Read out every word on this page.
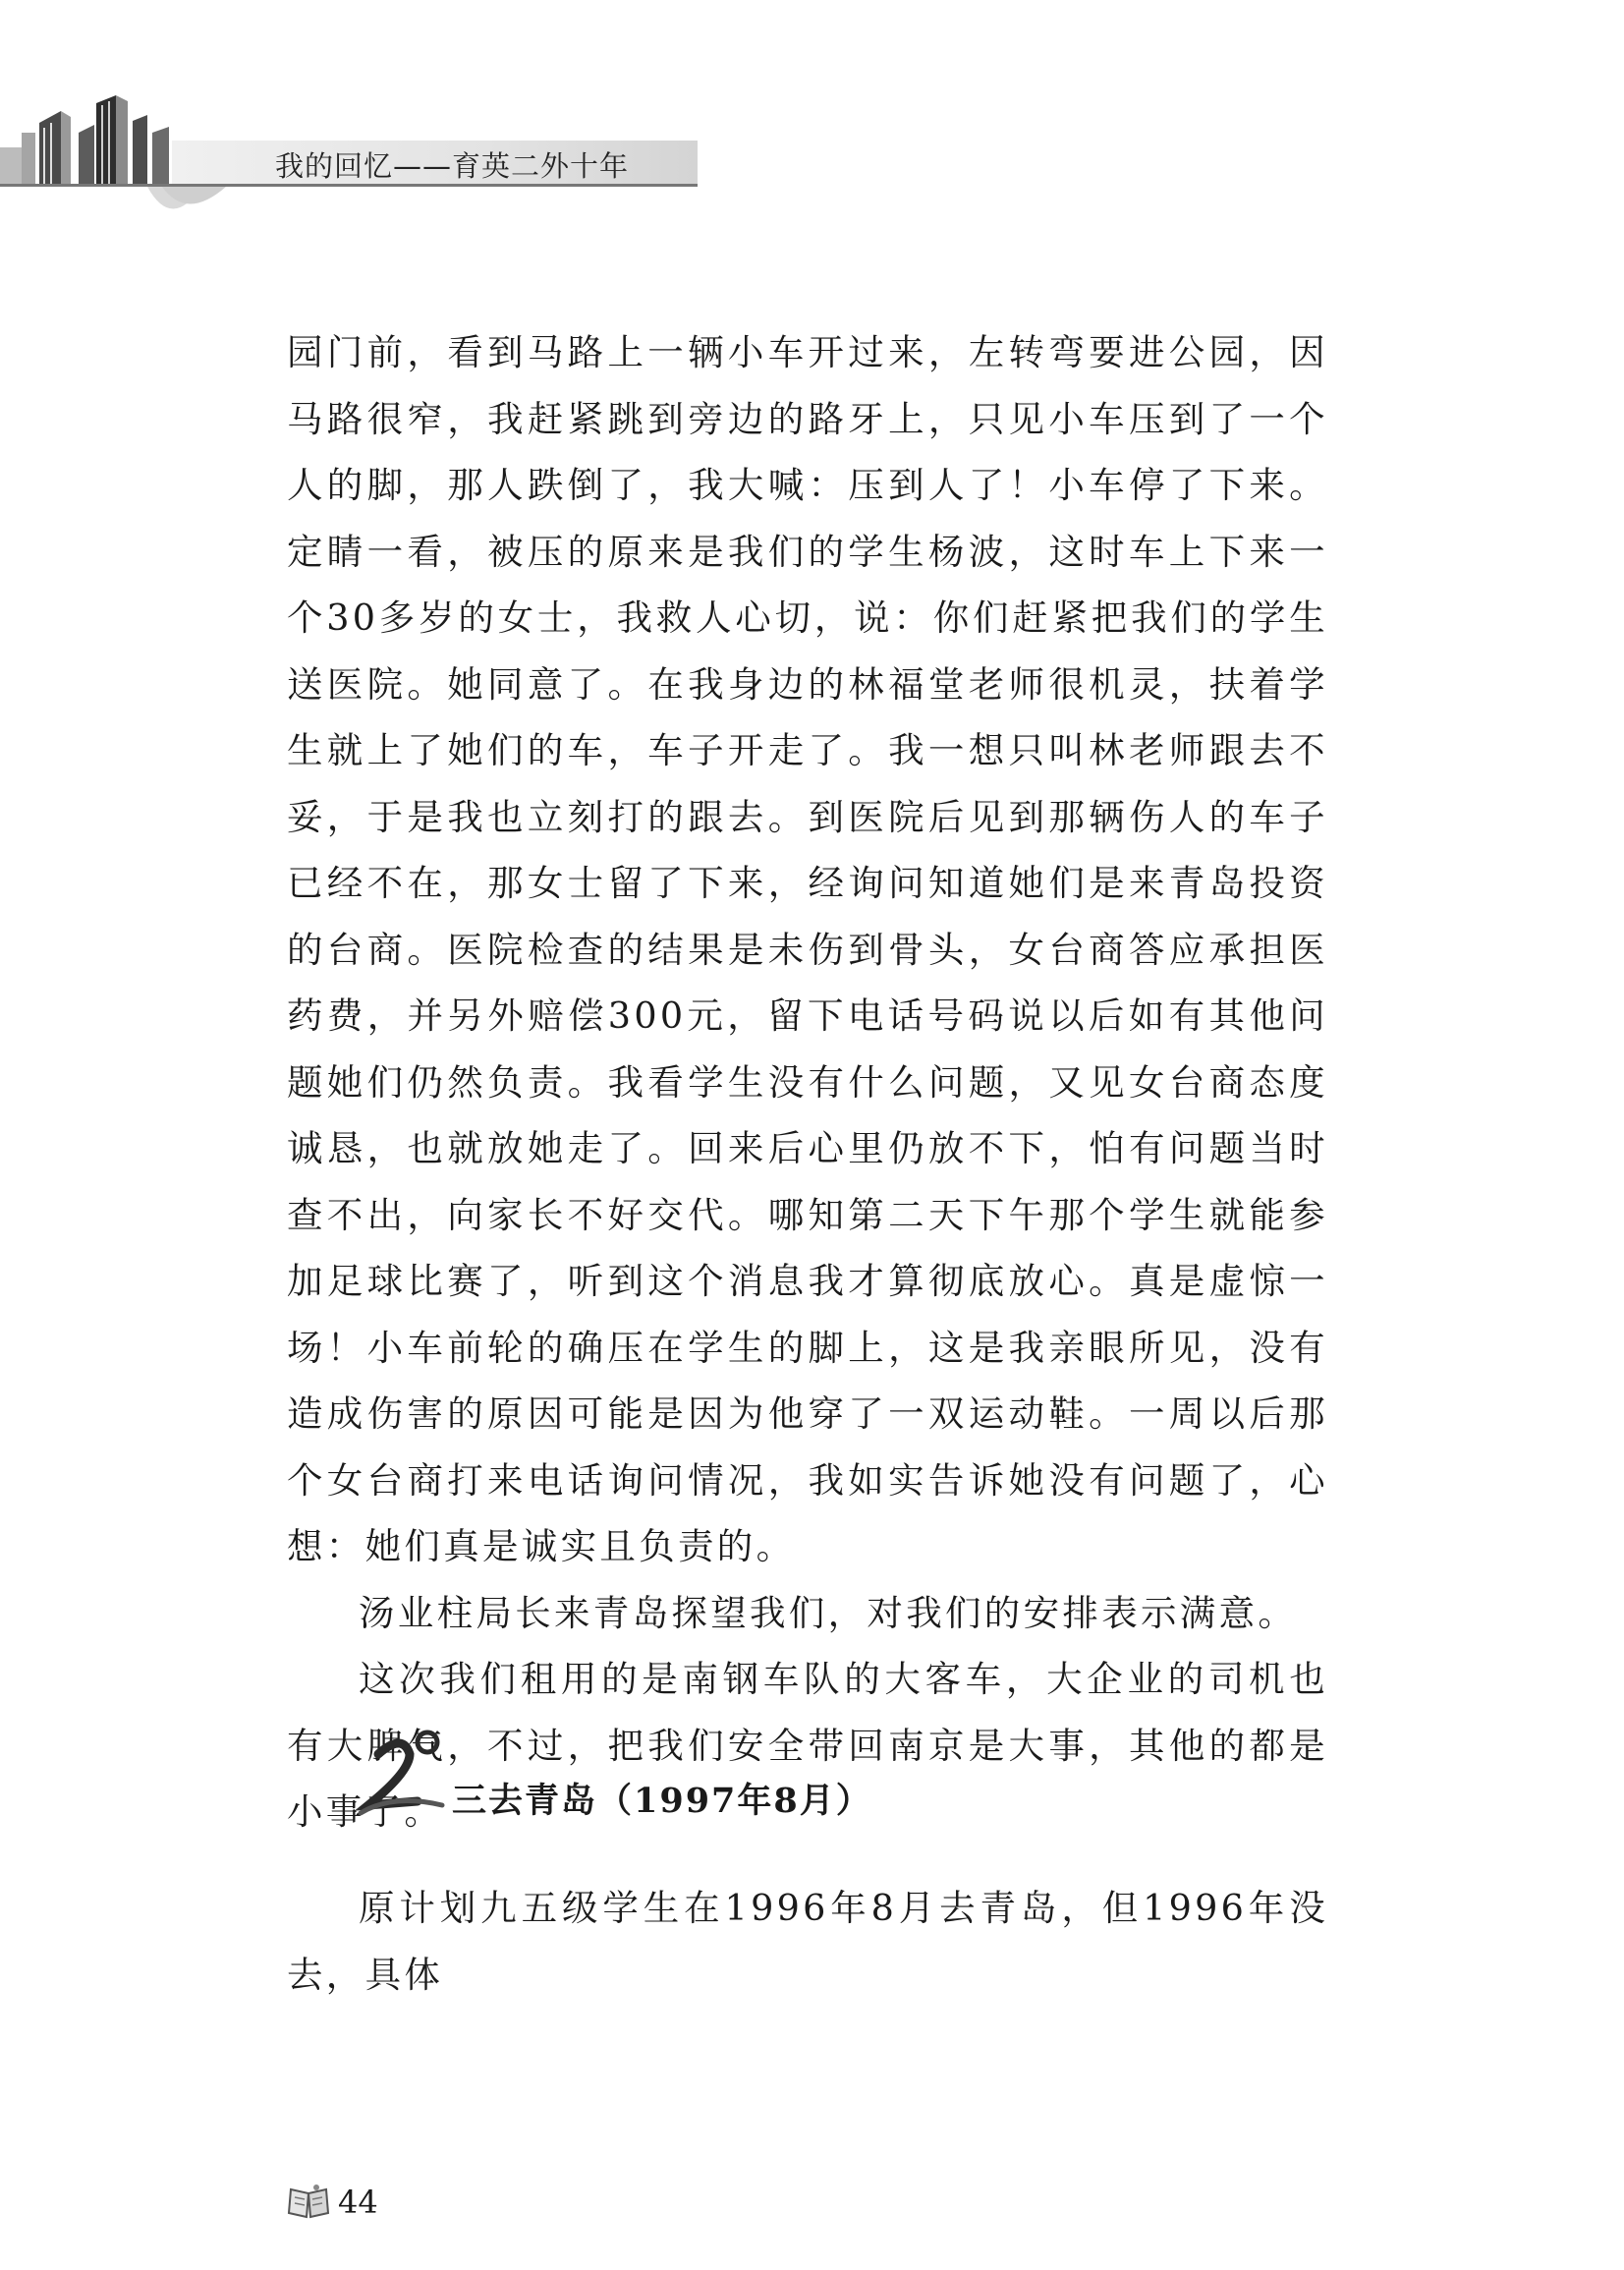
我的回忆——育英二外十年

园门前，看到马路上一辆小车开过来，左转弯要进公园，因马路很窄，我赶紧跳到旁边的路牙上，只见小车压到了一个人的脚，那人跌倒了，我大喊：压到人了！小车停了下来。定睛一看，被压的原来是我们的学生杨波，这时车上下来一个30多岁的女士，我救人心切，说：你们赶紧把我们的学生送医院。她同意了。在我身边的林福堂老师很机灵，扶着学生就上了她们的车，车子开走了。我一想只叫林老师跟去不妥，于是我也立刻打的跟去。到医院后见到那辆伤人的车子已经不在，那女士留了下来，经询问知道她们是来青岛投资的台商。医院检查的结果是未伤到骨头，女台商答应承担医药费，并另外赔偿300元，留下电话号码说以后如有其他问题她们仍然负责。我看学生没有什么问题，又见女台商态度诚恳，也就放她走了。回来后心里仍放不下，怕有问题当时查不出，向家长不好交代。哪知第二天下午那个学生就能参加足球比赛了，听到这个消息我才算彻底放心。真是虚惊一场！小车前轮的确压在学生的脚上，这是我亲眼所见，没有造成伤害的原因可能是因为他穿了一双运动鞋。一周以后那个女台商打来电话询问情况，我如实告诉她没有问题了，心想：她们真是诚实且负责的。

汤业柱局长来青岛探望我们，对我们的安排表示满意。

这次我们租用的是南钢车队的大客车，大企业的司机也有大脾气，不过，把我们安全带回南京是大事，其他的都是小事了。 三去青岛（1997年8月）

原计划九五级学生在1996年8月去青岛，但1996年没去，具体

44
